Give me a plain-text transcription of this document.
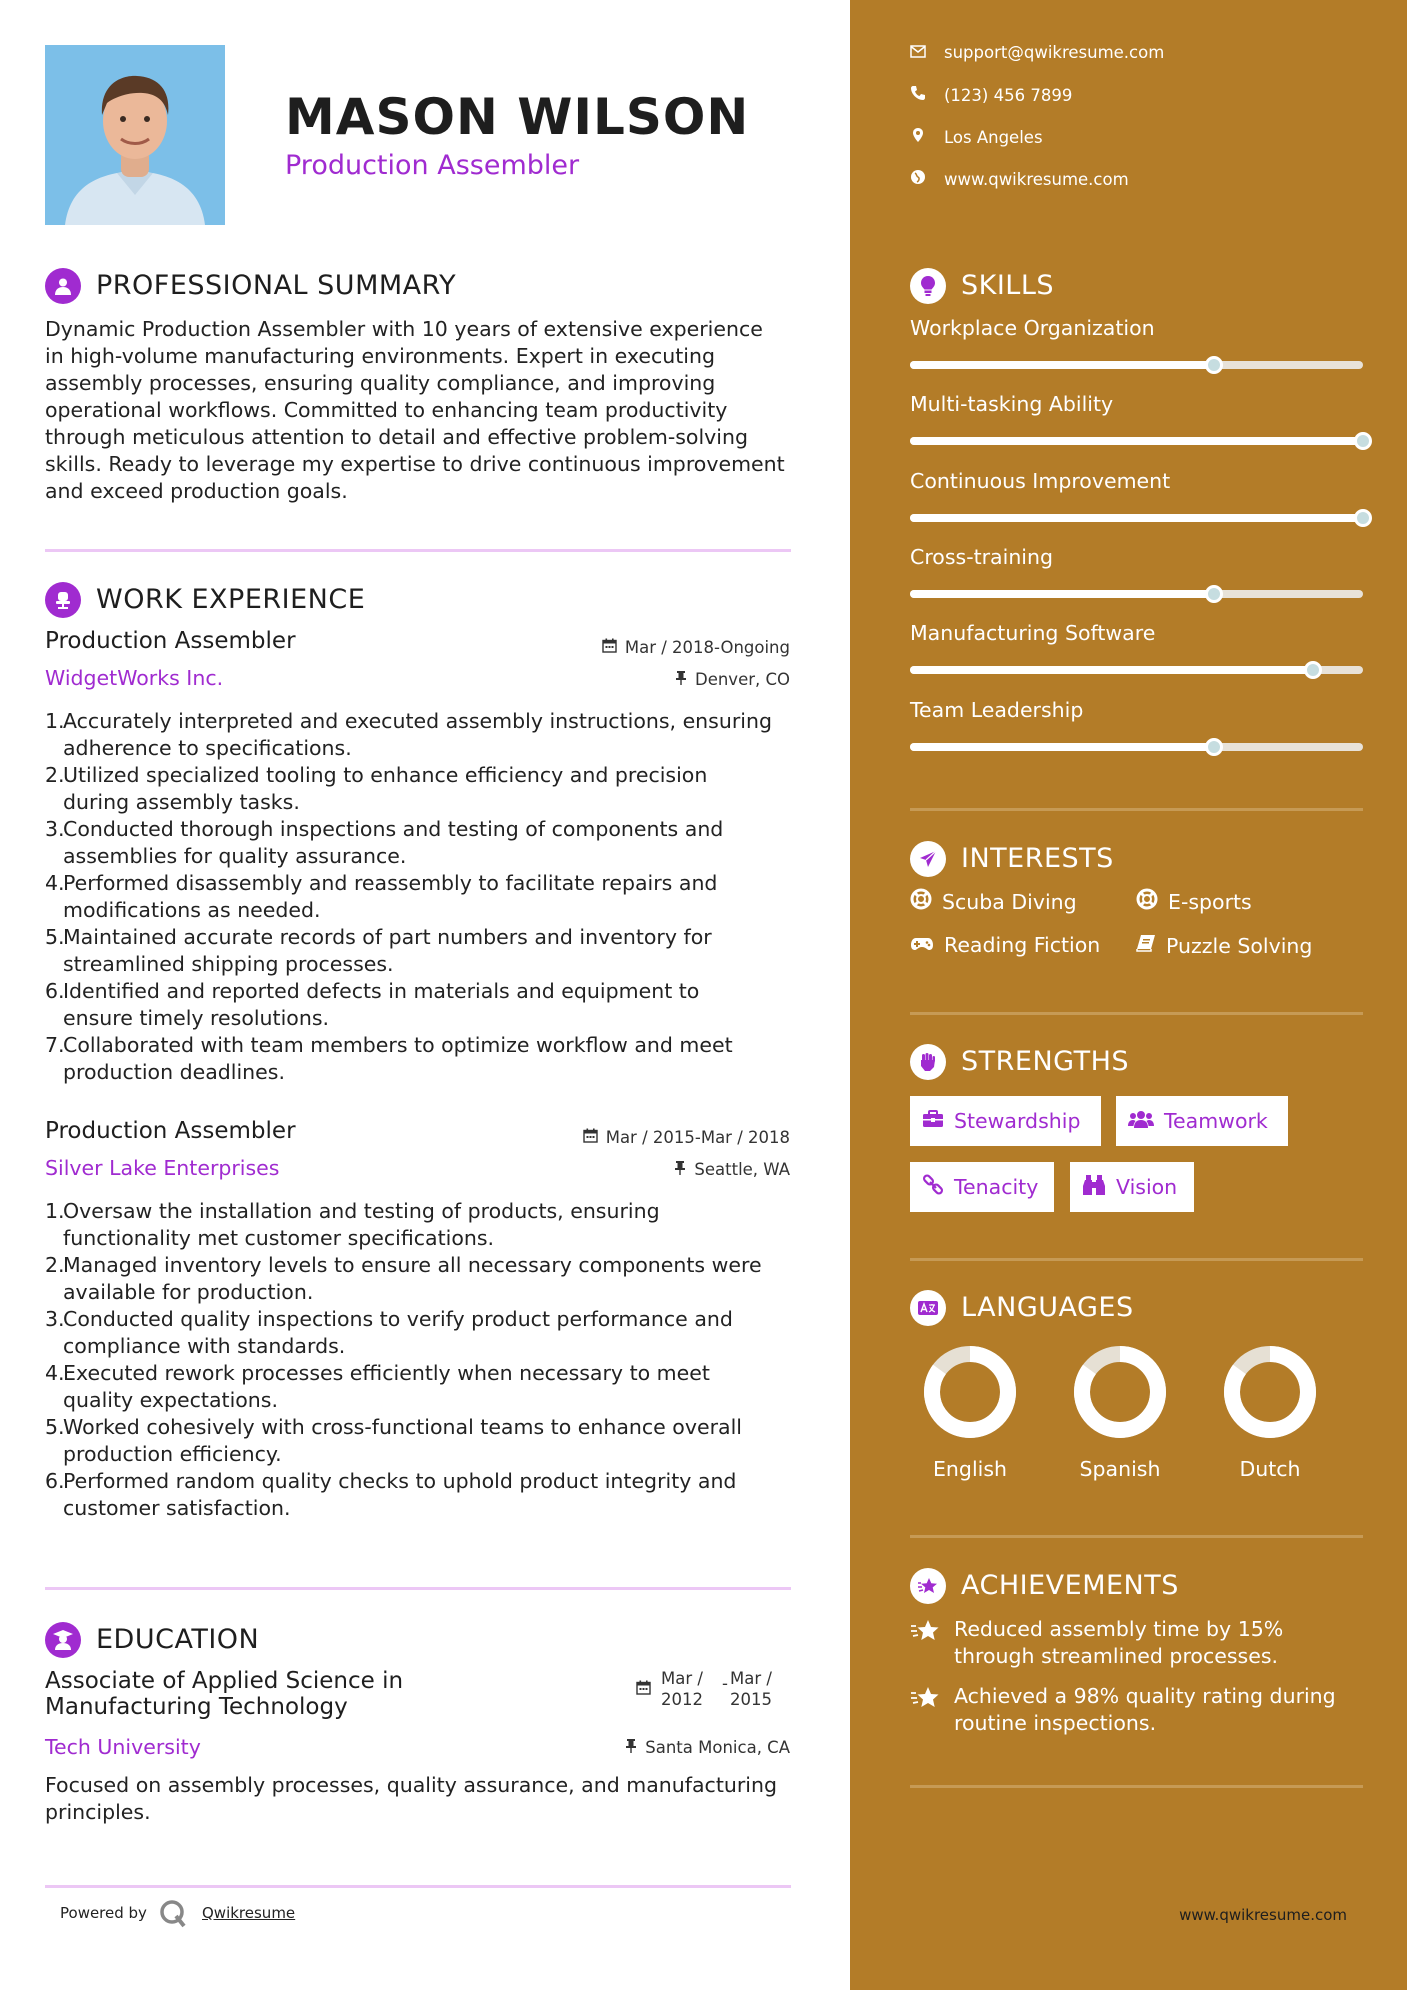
MASON WILSON
Production Assembler
PROFESSIONAL SUMMARY
Dynamic Production Assembler with 10 years of extensive experience
in high-volume manufacturing environments. Expert in executing
assembly processes, ensuring quality compliance, and improving
operational workflows. Committed to enhancing team productivity
through meticulous attention to detail and effective problem-solving
skills. Ready to leverage my expertise to drive continuous improvement
and exceed production goals.
WORK EXPERIENCE
Production Assembler	Mar / 2018-Ongoing
WidgetWorks Inc.	Denver, CO
1.
Accurately interpreted and executed assembly instructions, ensuring
adherence to specifications.
2.
Utilized specialized tooling to enhance efficiency and precision
during assembly tasks.
3.
Conducted thorough inspections and testing of components and
assemblies for quality assurance.
4.
Performed disassembly and reassembly to facilitate repairs and
modifications as needed.
5.
Maintained accurate records of part numbers and inventory for
streamlined shipping processes.
6.
Identified and reported defects in materials and equipment to
ensure timely resolutions.
7.
Collaborated with team members to optimize workflow and meet
production deadlines.
Production Assembler	Mar / 2015-Mar / 2018
Silver Lake Enterprises	Seattle, WA
1.
Oversaw the installation and testing of products, ensuring
functionality met customer specifications.
2.
Managed inventory levels to ensure all necessary components were
available for production.
3.
Conducted quality inspections to verify product performance and
compliance with standards.
4.
Executed rework processes efficiently when necessary to meet
quality expectations.
5.
Worked cohesively with cross-functional teams to enhance overall
production efficiency.
6.
Performed random quality checks to uphold product integrity and
customer satisfaction.
EDUCATION
Associate of Applied Science in
Manufacturing Technology
Mar /
2012
- Mar /
2015
Tech University	Santa Monica, CA
Focused on assembly processes, quality assurance, and manufacturing
principles.
Powered by	Qwikresume
support@qwikresume.com
(123) 456 7899
Los Angeles
www.qwikresume.com
SKILLS
Workplace Organization
Multi-tasking Ability
Continuous Improvement
Cross-training
Manufacturing Software
Team Leadership
INTERESTS
Scuba Diving	E-sports
Reading Fiction	Puzzle Solving
STRENGTHS
Stewardship	Teamwork
Tenacity	Vision
LANGUAGES
English	Spanish	Dutch
ACHIEVEMENTS
Reduced assembly time by 15%
through streamlined processes.
Achieved a 98% quality rating during
routine inspections.
www.qwikresume.com
